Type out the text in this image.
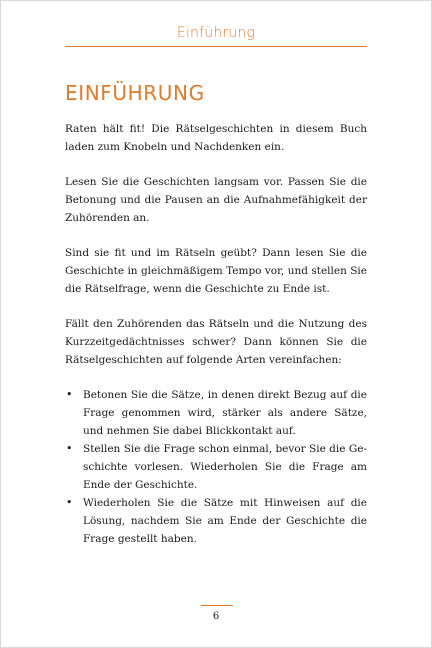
Einführung
EINFÜHRUNG

Raten hält fit! Die Rätselgeschichten in diesem Buch laden zum Knobeln und Nachdenken ein.

Lesen Sie die Geschichten langsam vor. Passen Sie die Betonung und die Pausen an die Aufnahmefähigkeit der Zuhörenden an.

Sind sie fit und im Rätseln geübt? Dann lesen Sie die Geschichte in gleichmäßigem Tempo vor, und stellen Sie die Rätselfrage, wenn die Geschichte zu Ende ist.

Fällt den Zuhörenden das Rätseln und die Nutzung des Kurzzeitgedächtnisses schwer? Dann können Sie die Rätselgeschichten auf folgende Arten vereinfachen:

• Betonen Sie die Sätze, in denen direkt Bezug auf die Frage genommen wird, stärker als andere Sätze, und nehmen Sie dabei Blickkontakt auf.
• Stellen Sie die Frage schon einmal, bevor Sie die Geschichte vorlesen. Wiederholen Sie die Frage am Ende der Geschichte.
• Wiederholen Sie die Sätze mit Hinweisen auf die Lösung, nachdem Sie am Ende der Geschichte die Frage gestellt haben.
6
